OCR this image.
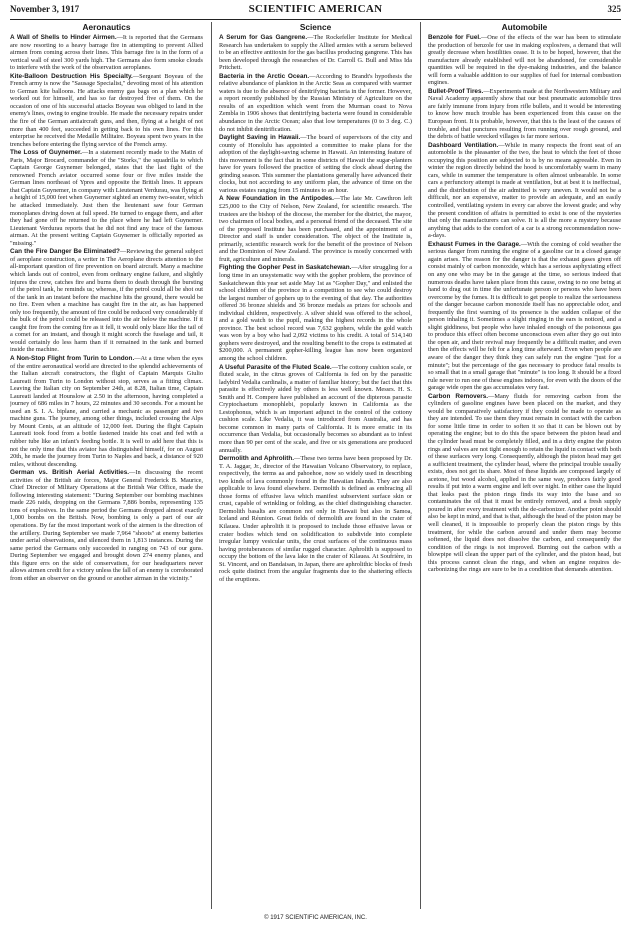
November 3, 1917	SCIENTIFIC AMERICAN	325
Aeronautics

A Wall of Shells to Hinder Airmen.—It is reported that the Germans are now resorting to a heavy barrage fire in attempting to prevent Allied airmen from coming across their lines. This barrage fire is in the form of a vertical wall of steel 300 yards high. The Germans also form smoke clouds to interfere with the work of the observation aeroplanes.

Kite-Balloon Destruction His Specialty.—Sergeant Boyeau of the French army is now the "Sausage Specialist," devoting most of his attention to German kite balloons. He attacks enemy gas bags on a plan which he worked out for himself, and has so far destroyed five of them. On the occasion of one of his successful attacks Boyeau was obliged to land in the enemy's lines, owing to engine trouble. He made the necessary repairs under the fire of the German antiaircraft guns, and then, flying at a height of not more than 400 feet, succeeded in getting back to his own lines. For this enterprise he received the Medaille Militaire. Boyeau spent two years in the trenches before entering the flying service of the French army.

The Loss of Guynemer.—In a statement recently made to the Matin of Paris, Major Brocard, commander of the "Storks," the squadrilla to which Captain George Guynemer belonged, states that the last fight of the renowned French aviator occurred some four or five miles inside the German lines northeast of Ypres and opposite the British lines. It appears that Captain Guynemer, in company with Lieutenant Verdurau, was flying at a height of 15,000 feet when Guynemer sighted an enemy two-seater, which he attacked immediately. Just then the lieutenant saw four German monoplanes diving down at full speed. He turned to engage them, and after they had gone off he returned to the place where he had left Guynemer. Lieutenant Verdurau reports that he did not find any trace of the famous airman. At the present writing Captain Guynemer is officially reported as "missing."

Can the Fire Danger Be Eliminated?—Reviewing the general subject of aeroplane construction, a writer in The Aeroplane directs attention to the all-important question of fire prevention on board aircraft. Many a machine which lands out of control, even from ordinary engine failure, and slightly injures the crew, catches fire and burns them to death through the bursting of the petrol tank, he reminds us; whereas, if the petrol could all be shot out of the tank in an instant before the machine hits the ground, there would be no fire. Even when a machine has caught fire in the air, as has happened only too frequently, the amount of fire could be reduced very considerably if the bulk of the petrol could be released into the air below the machine. If it caught fire from the coming fire as it fell, it would only blaze like the tail of a comet for an instant, and though it might scorch the fuselage and tail, it would certainly do less harm than if it remained in the tank and burned inside the machine.

A Non-Stop Flight from Turin to London.—At a time when the eyes of the entire aeronautical world are directed to the splendid achievements of the Italian aircraft constructors, the flight of Captain Marquis Giulio Laureati from Turin to London without stop, serves as a fitting climax. Leaving the Italian city on September 24th, at 8.28, Italian time, Captain Laureati landed at Hounslow at 2.50 in the afternoon, having completed a journey of 686 miles in 7 hours, 22 minutes and 30 seconds. For a mount he used an S. I. A. biplane, and carried a mechanic as passenger and two machine guns. The journey, among other things, included crossing the Alps by Mount Cenis, at an altitude of 12,000 feet. During the flight Captain Laureati took food from a bottle fastened inside his coat and fed with a rubber tube like an infant's feeding bottle. It is well to add here that this is not the only time that this aviator has distinguished himself, for on August 20th, he made the journey from Turin to Naples and back, a distance of 920 miles, without descending.

German vs. British Aerial Activities.—In discussing the recent activities of the British air forces, Major General Frederick B. Maurice, Chief Director of Military Operations at the British War Office, made the following interesting statement: "During September our bombing machines made 226 raids, dropping on the Germans 7,886 bombs, representing 135 tons of explosives. In the same period the Germans dropped almost exactly 1,000 bombs on the British. Now, bombing is only a part of our air operations. By far the most important work of the airmen is the direction of the artillery. During September we made 7,964 "shoots" at enemy batteries under aerial observations, and silenced them in 1,813 instances. During the same period the Germans only succeeded in ranging on 743 of our guns. During September we engaged and brought down 274 enemy planes, and this figure errs on the side of conservatism, for our headquarters never allows airmen credit for a victory unless the fall of an enemy is corroborated from either an observer on the ground or another airman in the vicinity."

Science

A Serum for Gas Gangrene.—The Rockefeller Institute for Medical Research has undertaken to supply the Allied armies with a serum believed to be an effective antitoxin for the gas bacillus producing gangrene. This has been developed through the researches of Dr. Carroll G. Bull and Miss Ida Pritchett.

Bacteria in the Arctic Ocean.—According to Brandt's hypothesis the relative abundance of plankton in the Arctic Seas as compared with warmer waters is due to the absence of denitrifying bacteria in the former. However, a report recently published by the Russian Ministry of Agriculture on the results of an expedition which went from the Murman coast to Nova Zembla in 1906 shows that denitrifying bacteria were found in considerable abundance in the Arctic Ocean; also that low temperatures (0 to 3 deg. C.) do not inhibit denitrification.

Daylight Saving in Hawaii.—The board of supervisors of the city and county of Honolulu has appointed a committee to make plans for the adoption of the daylight-saving scheme in Hawaii. An interesting feature of this movement is the fact that in some districts of Hawaii the sugar-planters have for years followed the practice of setting the clock ahead during the grinding season. This summer the plantations generally have advanced their clocks, but not according to any uniform plan, the advance of time on the various estates ranging from 15 minutes to an hour.

A New Foundation in the Antipodes.—The late Mr. Cawthron left £25,000 to the City of Nelson, New Zealand, for scientific research. The trustees are the bishop of the diocese, the member for the district, the mayor, two chairmen of local bodies, and a personal friend of the deceased. The site of the proposed Institute has been purchased, and the appointment of a Director and staff is under consideration. The object of the Institute is, primarily, scientific research work for the benefit of the province of Nelson and the Dominion of New Zealand. The province is mostly concerned with fruit, agriculture and minerals.

Fighting the Gopher Pest in Saskatchewan.—After struggling for a long time in an unsystematic way with the gopher problem, the province of Saskatchewan this year set aside May 1st as "Gopher Day," and enlisted the school children of the province in a competition to see who could destroy the largest number of gophers up to the evening of that day. The authorities offered 36 bronze shields and 36 bronze medals as prizes for schools and individual children, respectively. A silver shield was offered to the school, and a gold watch to the pupil, making the highest records in the whole province. The best school record was 7,632 gophers, while the gold watch was won by a boy who had 2,092 victims to his credit. A total of 514,140 gophers were destroyed, and the resulting benefit to the crops is estimated at $200,000. A permanent gopher-killing league has now been organized among the school children.

A Useful Parasite of the Fluted Scale.—The cottony cushion scale, or fluted scale, in the citrus groves of California is fed on by the parasitic ladybird Vedalia cardinalis, a matter of familiar history; but the fact that this parasite is effectively aided by others is less well known. Messrs. H. S. Smith and H. Compere have published an account of the dipterous parasite Cryptochaetum monophlebi, popularly known in California as the Lestophonus, which is an important adjunct in the control of the cottony cushion scale. Like Vedalia, it was introduced from Australia, and has become common in many parts of California. It is more erratic in its occurrence than Vedalia, but occasionally becomes so abundant as to infest more than 90 per cent of the scale, and five or six generations are produced annually.

Dermolith and Aphrolith.—These two terms have been proposed by Dr. T. A. Jaggar, Jr., director of the Hawaiian Volcano Observatory, to replace, respectively, the terms aa and pahoehoe, now so widely used in describing two kinds of lava commonly found in the Hawaiian Islands. They are also applicable to lava found elsewhere. Dermolith is defined as embracing all those forms of effusive lava which manifest subservient surface skin or crust, capable of wrinkling or folding, as the chief distinguishing character. Dermolith basalts are common not only in Hawaii but also in Samoa, Iceland and Réunion. Great fields of dermolith are found in the crater of Kilauea. Under aphrolith it is proposed to include those effusive lavas or crater bodies which tend on solidification to subdivide into complete irregular lumpy vesicular units, the crust surfaces of the continuous mass having protuberances of similar rugged character. Aphrolith is supposed to occupy the bottom of the lava lake in the crater of Kilauea. At Soufrière, in St. Vincent, and on Bandaisan, in Japan, there are aphrolithic blocks of fresh rock quite distinct from the angular fragments due to the shattering effects of the eruptions.

Automobile

Benzole for Fuel.—One of the effects of the war has been to stimulate the production of benzole for use in making explosives, a demand that will greatly decrease when hostilities cease. It is to be hoped, however, that the manufacture already established will not be abandoned, for considerable quantities will be required in the dye-making industries, and the balance will form a valuable addition to our supplies of fuel for internal combustion engines.

Bullet-Proof Tires.—Experiments made at the Northwestern Military and Naval Academy apparently show that our best pneumatic automobile tires are fairly immune from injury from rifle bullets, and it would be interesting to know how much trouble has been experienced from this cause on the European front. It is probable, however, that this is the least of the causes of trouble, and that punctures resulting from running over rough ground, and the debris of battle wrecked villages is far more serious.

Dashboard Ventilation.—While in many respects the front seat of an automobile is the pleasanter of the two, the heat to which the feet of those occupying this position are subjected to is by no means agreeable. Even in winter the region directly behind the hood is uncomfortably warm in many cars, while in summer the temperature is often almost unbearable. In some cars a perfunctory attempt is made at ventilation, but at best it is ineffectual, and the distribution of the air admitted is very uneven. It would not be a difficult, nor an expensive, matter to provide an adequate, and an easily controlled, ventilating system in every car above the lowest grade; and why the present condition of affairs is permitted to exist is one of the mysteries that only the manufacturers can solve. It is all the more a mystery because anything that adds to the comfort of a car is a strong recommendation now-a-days.

Exhaust Fumes in the Garage.—With the coming of cold weather the serious danger from running the engine of a gasoline car in a closed garage again arises. The reason for the danger is that the exhaust gases given off consist mainly of carbon monoxide, which has a serious asphyxiating effect on any one who may be in the garage at the time, so serious indeed that numerous deaths have taken place from this cause, owing to no one being at hand to drag out in time the unfortunate person or persons who have been overcome by the fumes. It is difficult to get people to realize the seriousness of the danger because carbon monoxide itself has no appreciable odor, and frequently the first warning of its presence is the sudden collapse of the person inhaling it. Sometimes a slight ringing in the ears is noticed, and a slight giddiness, but people who have inhaled enough of the poisonous gas to produce this effect often become unconscious even after they go out into the open air, and their revival may frequently be a difficult matter, and even then the effects will be felt for a long time afterward. Even when people are aware of the danger they think they can safely run the engine "just for a minute"; but the percentage of the gas necessary to produce fatal results is so small that in a small garage that "minute" is too long. It should be a fixed rule never to run one of these engines indoors, for even with the doors of the garage wide open the gas accumulates very fast.

Carbon Removers.—Many fluids for removing carbon from the cylinders of gasoline engines have been placed on the market, and they would be comparatively satisfactory if they could be made to operate as they are intended. To use them they must remain in contact with the carbon for some little time in order to soften it so that it can be blown out by operating the engine; but to do this the space between the piston head and the cylinder head must be completely filled, and in a dirty engine the piston rings and valves are not tight enough to retain the liquid in contact with both of these surfaces very long. Consequently, although the piston head may get a sufficient treatment, the cylinder head, where the principal trouble usually exists, does not get its share. Most of these liquids are composed largely of acetone, but wood alcohol, applied in the same way, produces fairly good results if put into a warm engine and left over night. In either case the liquid that leaks past the piston rings finds its way into the base and so contaminates the oil that it must be entirely removed, and a fresh supply poured in after every treatment with the de-carbonizer. Another point should also be kept in mind, and that is that, although the head of the piston may be well cleaned, it is impossible to properly clean the piston rings by this treatment, for while the carbon around and under them may become softened, the liquid does not dissolve the carbon, and consequently the condition of the rings is not improved. Burning out the carbon with a blowpipe will clean the upper part of the cylinder, and the piston head, but this process cannot clean the rings, and when an engine requires de-carbonizing the rings are sure to be in a condition that demands attention.

© 1917 SCIENTIFIC AMERICAN, INC.
